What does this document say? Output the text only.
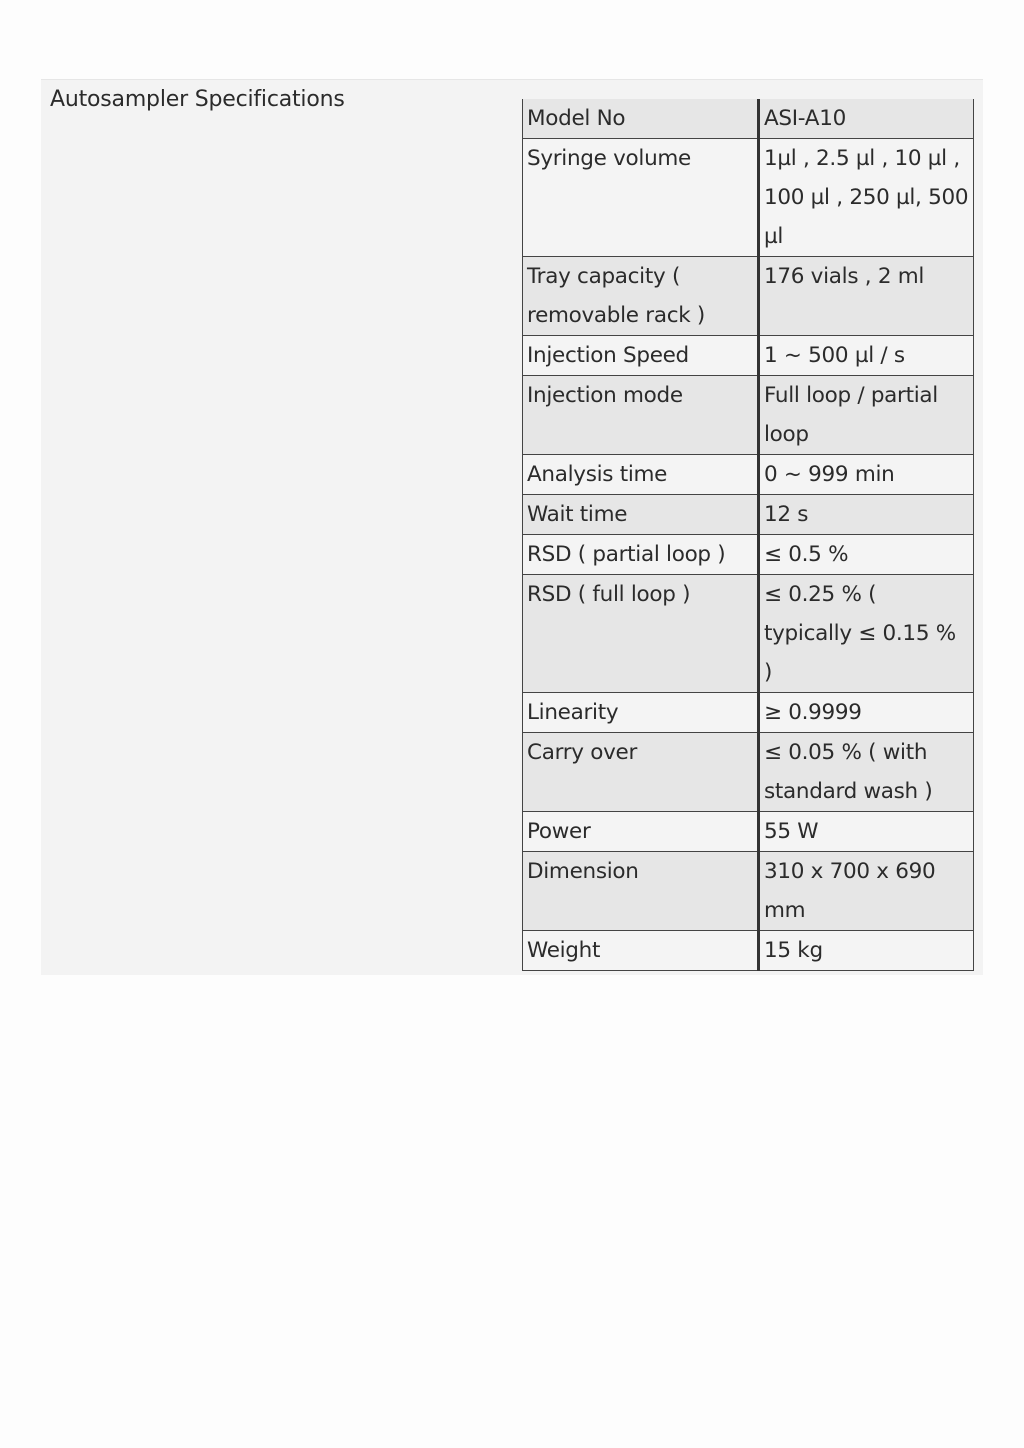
Autosampler Specifications
Model No	ASI-A10
Syringe volume	1µl , 2.5 µl , 10 µl , 100 µl , 250 µl, 500 µl
Tray capacity ( removable rack )	176 vials , 2 ml
Injection Speed	1 ~ 500 µl / s
Injection mode	Full loop / partial loop
Analysis time	0 ~ 999 min
Wait time	12 s
RSD ( partial loop )	≤ 0.5 %
RSD ( full loop )	≤ 0.25 % ( typically ≤ 0.15 % )
Linearity	≥ 0.9999
Carry over	≤ 0.05 % ( with standard wash )
Power	55 W
Dimension	310 x 700 x 690 mm
Weight	15 kg
